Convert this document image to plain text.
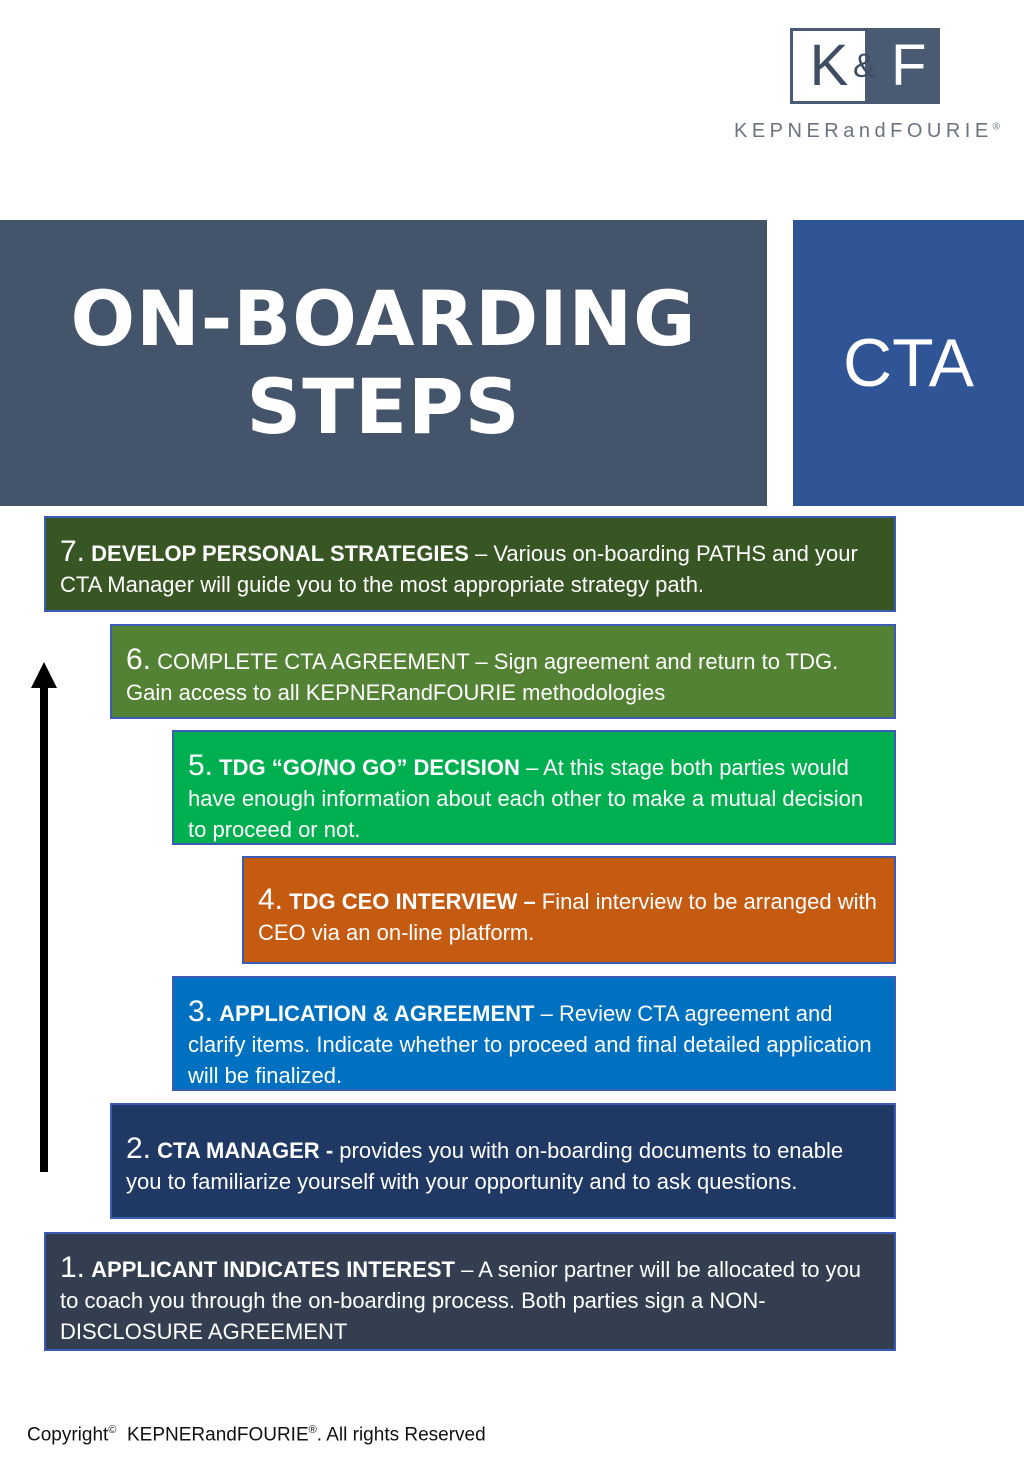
K & F
KEPNERandFOURIE®
ON-BOARDING
STEPS	CTA
7. DEVELOP PERSONAL STRATEGIES – Various on-boarding PATHS and your CTA Manager will guide you to the most appropriate strategy path.
6. COMPLETE CTA AGREEMENT – Sign agreement and return to TDG. Gain access to all KEPNERandFOURIE methodologies
5. TDG “GO/NO GO” DECISION – At this stage both parties would have enough information about each other to make a mutual decision to proceed or not.
4. TDG CEO INTERVIEW – Final interview to be arranged with CEO via an on-line platform.
3. APPLICATION & AGREEMENT – Review CTA agreement and clarify items. Indicate whether to proceed and final detailed application will be finalized.
2. CTA MANAGER - provides you with on-boarding documents to enable you to familiarize yourself with your opportunity and to ask questions.
1. APPLICANT INDICATES INTEREST – A senior partner will be allocated to you to coach you through the on-boarding process. Both parties sign a NON-DISCLOSURE AGREEMENT
Copyright© KEPNERandFOURIE®. All rights Reserved
